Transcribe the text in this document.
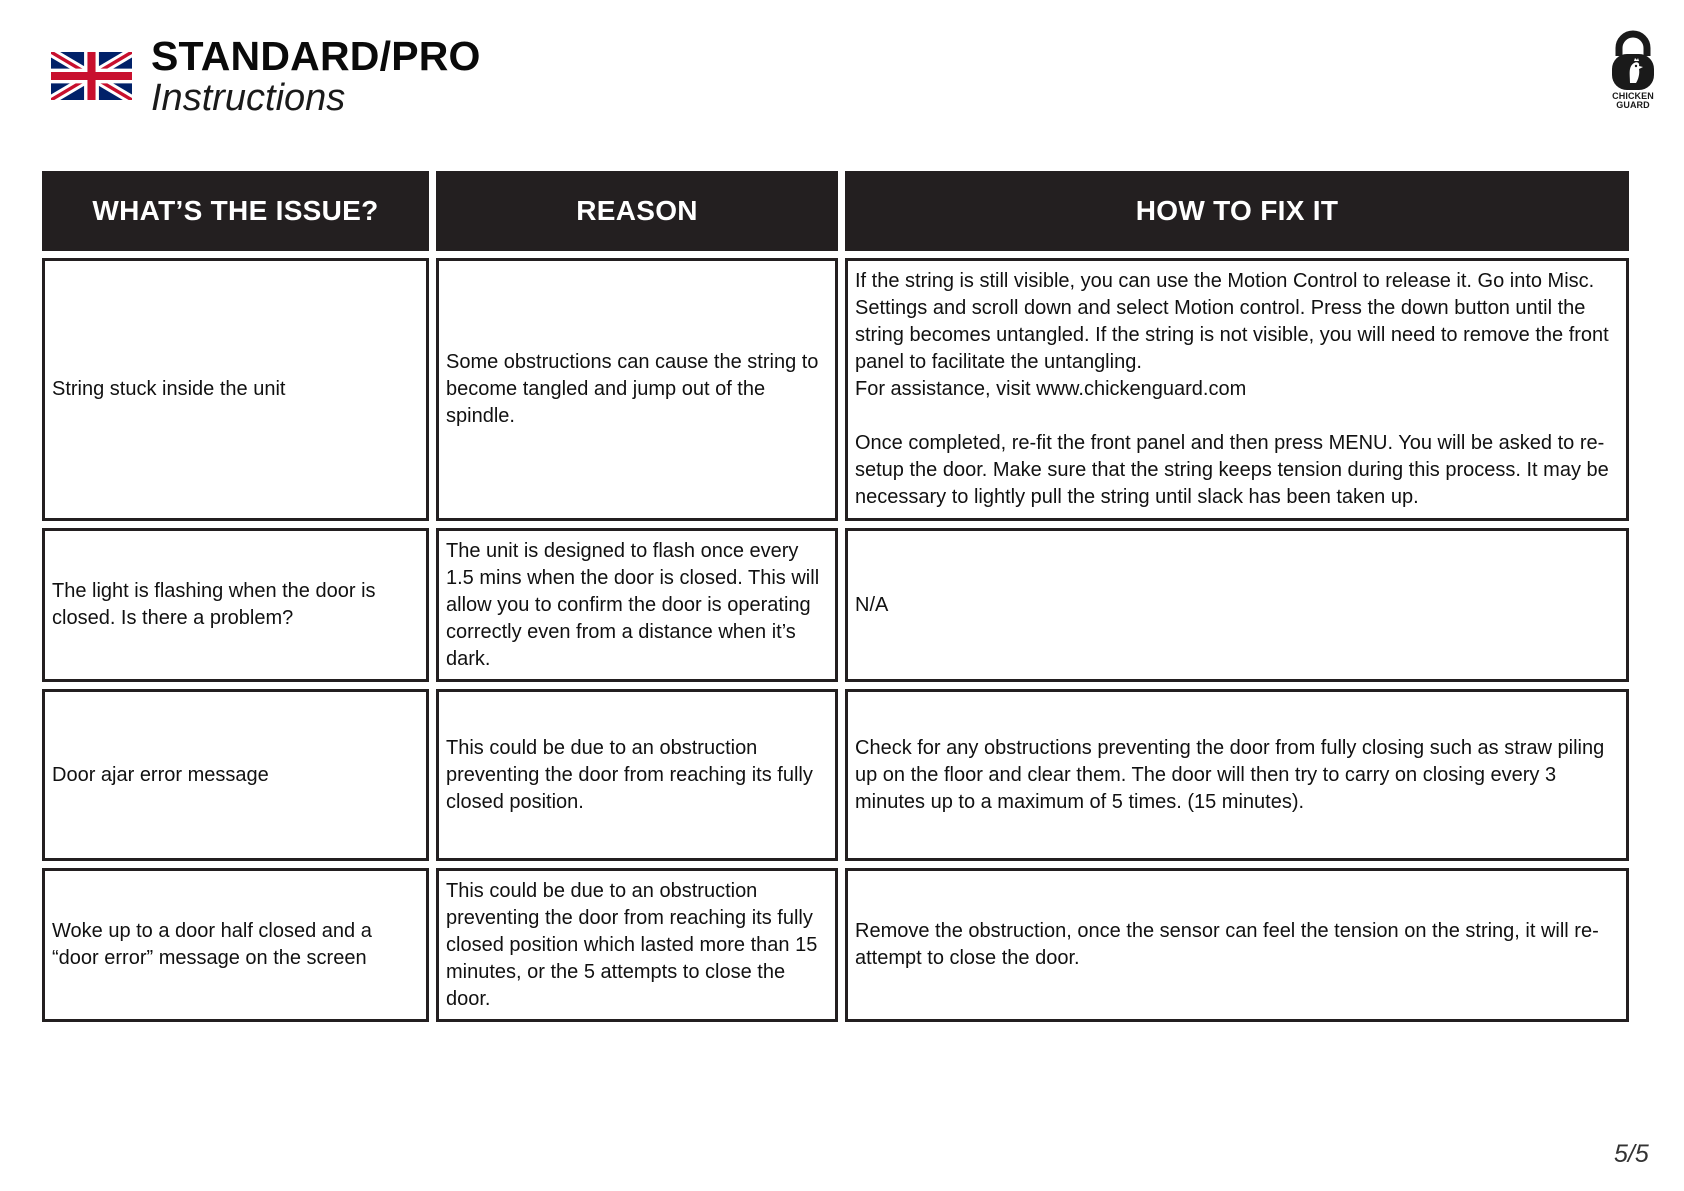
STANDARD/PRO
Instructions	CHICKEN
GUARD
WHAT’S THE ISSUE?	REASON	HOW TO FIX IT
String stuck inside the unit	Some obstructions can cause the string to become tangled and jump out of the spindle.	If the string is still visible, you can use the Motion Control to release it. Go into Misc. Settings and scroll down and select Motion control. Press the down button until the string becomes untangled. If the string is not visible, you will need to remove the front panel to facilitate the untangling.
For assistance, visit www.chickenguard.com

Once completed, re-fit the front panel and then press MENU. You will be asked to re-setup the door. Make sure that the string keeps tension during this process. It may be necessary to lightly pull the string until slack has been taken up.

The light is flashing when the door is closed. Is there a problem?	The unit is designed to flash once every 1.5 mins when the door is closed. This will allow you to confirm the door is operating correctly even from a distance when it’s dark.	N/A
Door ajar error message	This could be due to an obstruction preventing the door from reaching its fully closed position.	Check for any obstructions preventing the door from fully closing such as straw piling up on the floor and clear them. The door will then try to carry on closing every 3 minutes up to a maximum of 5 times. (15 minutes).
Woke up to a door half closed and a “door error” message on the screen	This could be due to an obstruction preventing the door from reaching its fully closed position which lasted more than 15 minutes, or the 5 attempts to close the door.	Remove the obstruction, once the sensor can feel the tension on the string, it will re-attempt to close the door.
5/5
